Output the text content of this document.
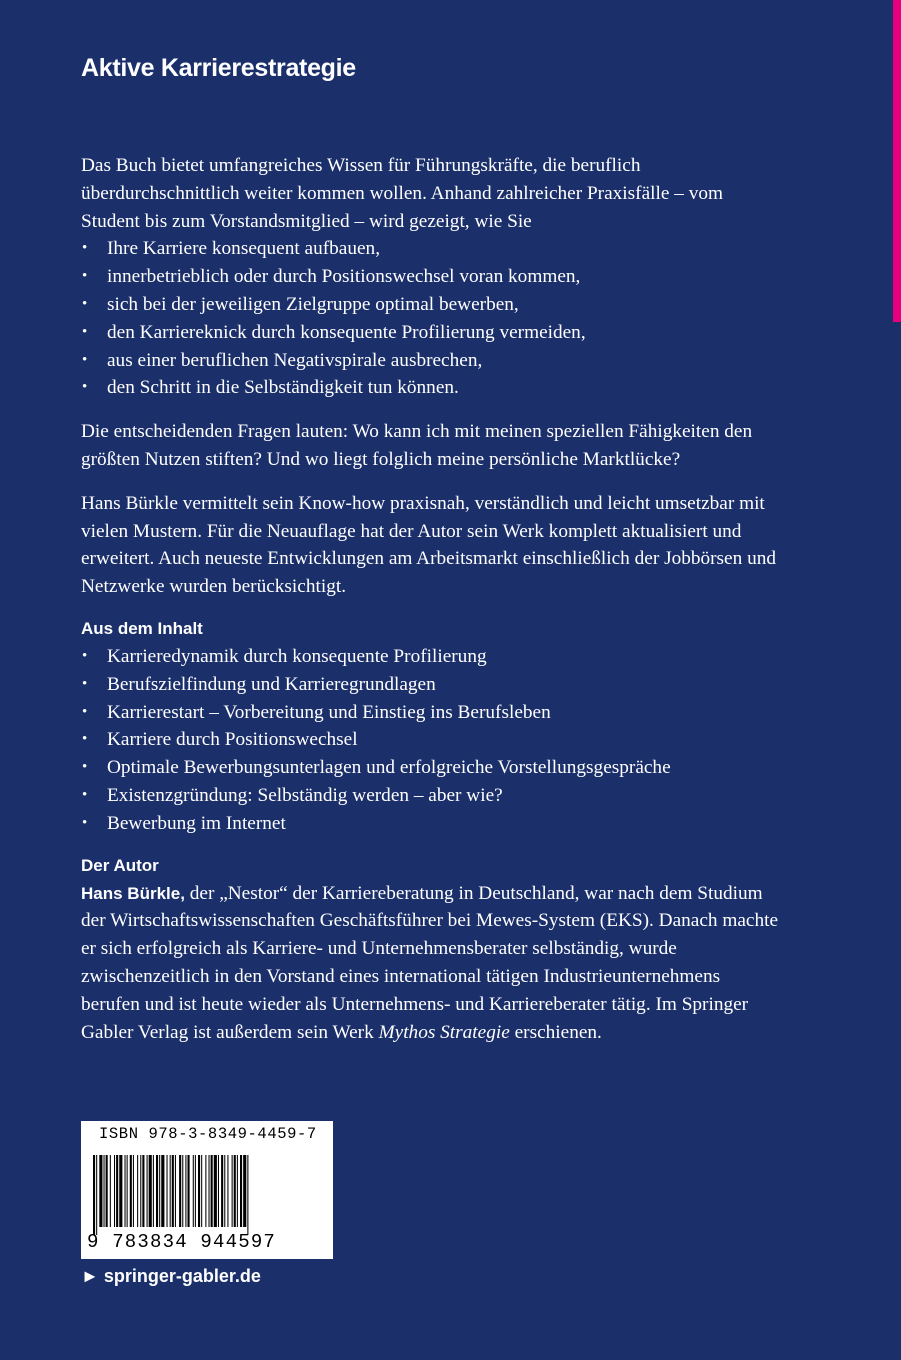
Aktive Karrierestrategie

Das Buch bietet umfangreiches Wissen für Führungskräfte, die beruflich überdurchschnittlich weiter kommen wollen. Anhand zahlreicher Praxisfälle – vom Student bis zum Vorstandsmitglied – wird gezeigt, wie Sie

• Ihre Karriere konsequent aufbauen,
• innerbetrieblich oder durch Positionswechsel voran kommen,
• sich bei der jeweiligen Zielgruppe optimal bewerben,
• den Karriereknick durch konsequente Profilierung vermeiden,
• aus einer beruflichen Negativspirale ausbrechen,
• den Schritt in die Selbständigkeit tun können.

Die entscheidenden Fragen lauten: Wo kann ich mit meinen speziellen Fähigkeiten den größten Nutzen stiften? Und wo liegt folglich meine persönliche Marktlücke?

Hans Bürkle vermittelt sein Know-how praxisnah, verständlich und leicht umsetzbar mit vielen Mustern. Für die Neuauflage hat der Autor sein Werk komplett aktualisiert und erweitert. Auch neueste Entwicklungen am Arbeitsmarkt einschließlich der Jobbörsen und Netzwerke wurden berücksichtigt.

Aus dem Inhalt
• Karrieredynamik durch konsequente Profilierung
• Berufszielfindung und Karrieregrundlagen
• Karrierestart – Vorbereitung und Einstieg ins Berufsleben
• Karriere durch Positionswechsel
• Optimale Bewerbungsunterlagen und erfolgreiche Vorstellungsgespräche
• Existenzgründung: Selbständig werden – aber wie?
• Bewerbung im Internet
Der Autor

Hans Bürkle, der „Nestor“ der Karriereberatung in Deutschland, war nach dem Studium der Wirtschaftswissenschaften Geschäftsführer bei Mewes-System (EKS). Danach machte er sich erfolgreich als Karriere- und Unternehmensberater selbständig, wurde zwischenzeitlich in den Vorstand eines international tätigen Industrieunternehmens berufen und ist heute wieder als Unternehmens- und Karriereberater tätig. Im Springer Gabler Verlag ist außerdem sein Werk Mythos Strategie erschienen.

ISBN 978-3-8349-4459-7
9 783834 944597
► springer-gabler.de
